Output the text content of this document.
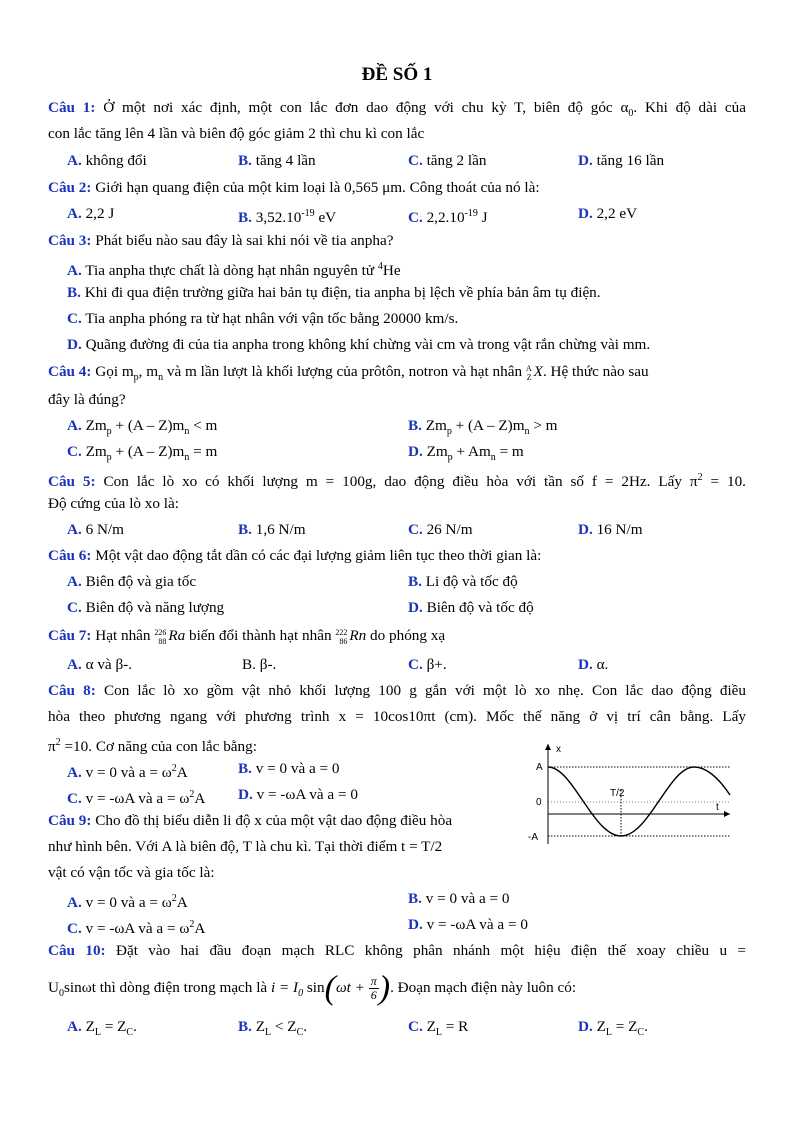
ĐỀ SỐ 1
Câu 1: Ở một nơi xác định, một con lắc đơn dao động với chu kỳ T, biên độ góc $\alpha_0$. Khi độ dài của
con lắc tăng lên 4 lần và biên độ góc giảm 2 thì chu kì con lắc
A. không đổi	B. tăng 4 lần	C. tăng 2 lần	D. tăng 16 lần
Câu 2: Giới hạn quang điện của một kim loại là 0,565 μm. Công thoát của nó là:
A. 2,2 J	B. $3,52.10^{-19}$ eV	C. $2,2.10^{-19}$ J	D. 2,2 eV
Câu 3: Phát biểu nào sau đây là sai khi nói về tia anpha?
A. Tia anpha thực chất là dòng hạt nhân nguyên tử $^4$He
B. Khi đi qua điện trường giữa hai bản tụ điện, tia anpha bị lệch về phía bản âm tụ điện.
C. Tia anpha phóng ra từ hạt nhân với vận tốc bằng 20000 km/s.
D. Quãng đường đi của tia anpha trong không khí chừng vài cm và trong vật rắn chừng vài mm.
Câu 4: Gọi $m_p$, $m_n$ và m lần lượt là khối lượng của prôtôn, notron và hạt nhân A
Z X. Hệ thức nào sau
đây là đúng?
A. $Zm_p + (A - Z)m_n < m$	B. $Zm_p + (A - Z)m_n > m$
C. $Zm_p + (A - Z)m_n = m$	D. $Zm_p + Am_n = m$
Câu 5: Con lắc lò xo có khối lượng m = 100g, dao động điều hòa với tần số f = 2Hz. Lấy $\pi^2 = 10$.
Độ cứng của lò xo là:
A. 6 N/m	B. 1,6 N/m	C. 26 N/m	D. 16 N/m
Câu 6: Một vật dao động tắt dần có các đại lượng giảm liên tục theo thời gian là:
A. Biên độ và gia tốc	B. Li độ và tốc độ
C. Biên độ và năng lượng	D. Biên độ và tốc độ
Câu 7: Hạt nhân 226
88 Ra biến đổi thành hạt nhân 222
86 Rn do phóng xạ
A. α và β-.	B. β-.	C. β+.	D. α.
Câu 8: Con lắc lò xo gồm vật nhỏ khối lượng 100 g gắn với một lò xo nhẹ. Con lắc dao động điều
hòa theo phương ngang với phương trình x = 10cos10πt (cm). Mốc thế năng ở vị trí cân bằng. Lấy
$\pi^2 =10$. Cơ năng của con lắc bằng:
A. v = 0 và $a = \omega^2A$	B. v = 0 và a = 0
C. v = -ωA và $a = \omega^2A$ D. v = -ωA và a = 0
Câu 9: Cho đồ thị biểu diễn li độ x của một vật dao động điều hòa
như hình bên. Với A là biên độ, T là chu kì. Tại thời điểm t = T/2
vật có vận tốc và gia tốc là:
A. v = 0 và $a = \omega^2A$	B. v = 0 và a = 0
C. v = -ωA và $a = \omega^2A$	D. v = -ωA và a = 0
x
A
0
-A
T/2
t
Câu 10: Đặt vào hai đầu đoạn mạch RLC không phân nhánh một hiệu điện thế xoay chiều u =
$U_0\sin\omega t$ thì dòng điện trong mạch là $i = I_0$ $\sin(\omega t + \frac{\pi}{6}$ ). Đoạn mạch điện này luôn có:
A. $Z_L = Z_C$.	B. $Z_L < Z_C$.	C. $Z_L = R$	D. $Z_L = Z_C$.
